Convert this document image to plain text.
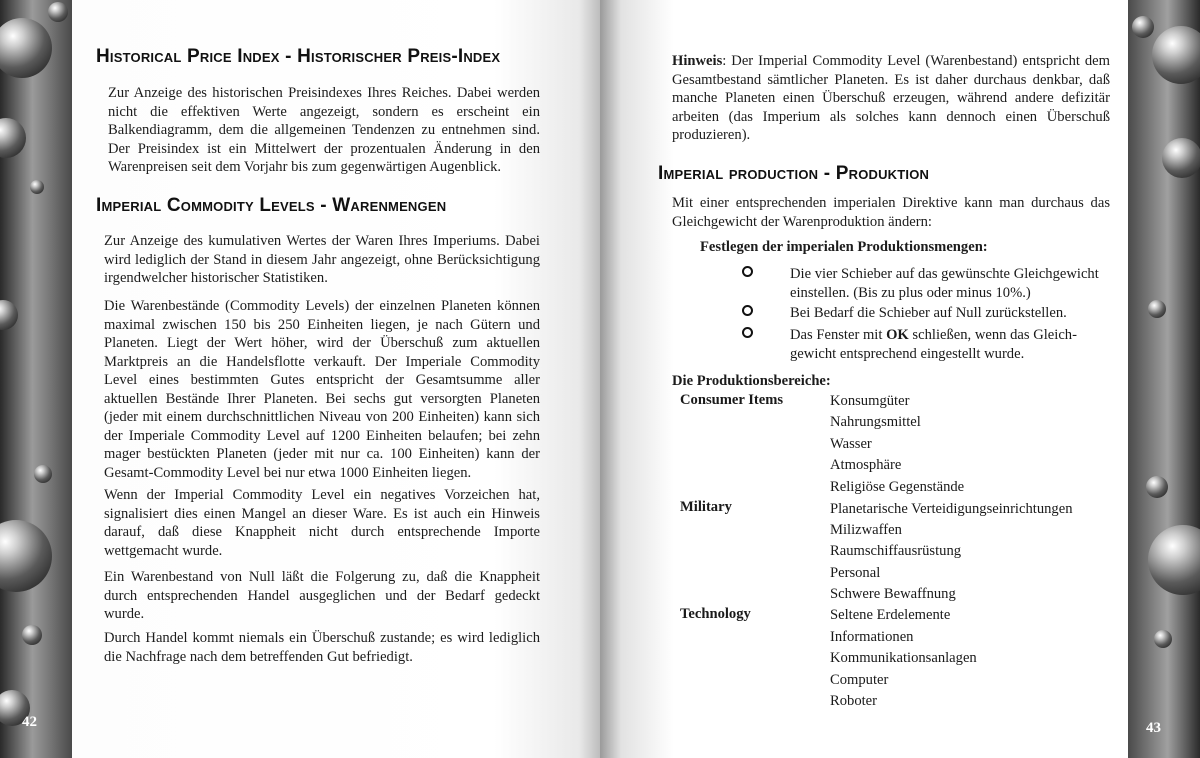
Historical Price Index - Historischer Preis-Index
Zur Anzeige des historischen Preisindexes Ihres Reiches. Dabei werden nicht die effektiven Werte angezeigt, sondern es erscheint ein Balkendiagramm, dem die allgemeinen Tendenzen zu entnehmen sind. Der Preisindex ist ein Mittelwert der prozentualen Änderung in den Warenpreisen seit dem Vorjahr bis zum gegenwärtigen Augenblick.
Imperial Commodity Levels - Warenmengen
Zur Anzeige des kumulativen Wertes der Waren Ihres Imperiums. Dabei wird lediglich der Stand in diesem Jahr angezeigt, ohne Berücksichtigung irgendwelcher historischer Statistiken.
Die Warenbestände (Commodity Levels) der einzelnen Planeten können maximal zwischen 150 bis 250 Einheiten liegen, je nach Gütern und Planeten. Liegt der Wert höher, wird der Überschuß zum aktuellen Marktpreis an die Handelsflotte verkauft. Der Imperiale Commodity Level eines bestimmten Gutes entspricht der Gesamtsumme aller aktuellen Bestände Ihrer Planeten. Bei sechs gut versorgten Planeten (jeder mit einem durchschnittlichen Niveau von 200 Einheiten) kann sich der Imperiale Commodity Level auf 1200 Einheiten belaufen; bei zehn mager bestückten Planeten (jeder mit nur ca. 100 Einheiten) kann der Gesamt-Commodity Level bei nur etwa 1000 Einheiten liegen.
Wenn der Imperial Commodity Level ein negatives Vorzeichen hat, signalisiert dies einen Mangel an dieser Ware. Es ist auch ein Hinweis darauf, daß diese Knappheit nicht durch entsprechende Importe wettgemacht wurde.
Ein Warenbestand von Null läßt die Folgerung zu, daß die Knappheit durch entsprechenden Handel ausgeglichen und der Bedarf gedeckt wurde.
Durch Handel kommt niemals ein Überschuß zustande; es wird lediglich die Nachfrage nach dem betreffenden Gut befriedigt.
42
Hinweis: Der Imperial Commodity Level (Warenbestand) entspricht dem Gesamtbestand sämtlicher Planeten. Es ist daher durchaus denkbar, daß manche Planeten einen Überschuß erzeugen, während andere defizitär arbeiten (das Imperium als solches kann dennoch einen Überschuß produzieren).
Imperial production - Produktion
Mit einer entsprechenden imperialen Direktive kann man durchaus das Gleichgewicht der Warenproduktion ändern:
Festlegen der imperialen Produktionsmengen:
Die vier Schieber auf das gewünschte Gleichgewicht einstellen. (Bis zu plus oder minus 10%.)
Bei Bedarf die Schieber auf Null zurückstellen.
Das Fenster mit OK schließen, wenn das Gleich-gewicht entsprechend eingestellt wurde.
Die Produktionsbereiche:
Consumer Items
Military
Technology
Konsumgüter
Nahrungsmittel
Wasser
Atmosphäre
Religiöse Gegenstände
Planetarische Verteidigungseinrichtungen
Milizwaffen
Raumschiffausrüstung
Personal
Schwere Bewaffnung
Seltene Erdelemente
Informationen
Kommunikationsanlagen
Computer
Roboter
43
